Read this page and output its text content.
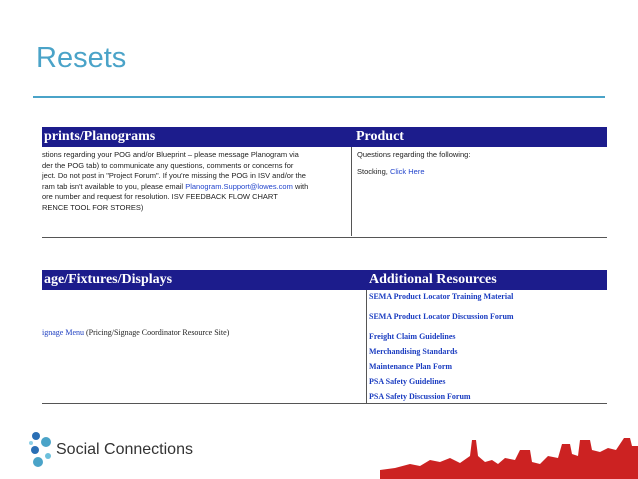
Resets
prints/Planograms	Product
stions regarding your POG and/or Blueprint – please message Planogram via
der the POG tab) to communicate any questions, comments or concerns for
ject. Do not post in "Project Forum". If you're missing the POG in ISV and/or the
ram tab isn't available to you, please email Planogram.Support@lowes.com with
ore number and request for resolution. ISV FEEDBACK FLOW CHART
RENCE TOOL FOR STORES)
Questions regarding the following:
Stocking, Click Here
age/Fixtures/Displays	Additional Resources
ignage Menu (Pricing/Signage Coordinator Resource Site)
SEMA Product Locator Training Material
SEMA Product Locator Discussion Forum
Freight Claim Guidelines
Merchandising Standards
Maintenance Plan Form
PSA Safety Guidelines
PSA Safety Discussion Forum
Social Connections
